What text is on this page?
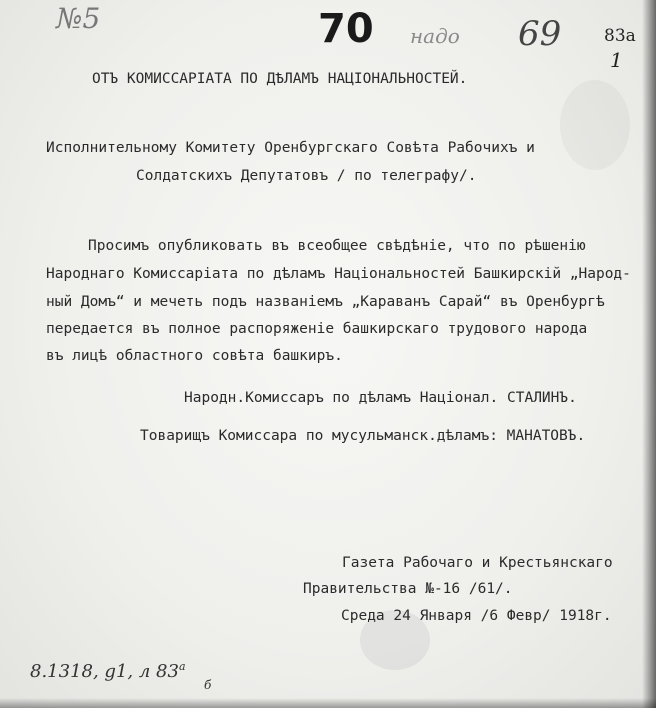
№5	70 надо 69	83а
1
ОТЪ КОМИССАРIАТА ПО ДѢЛАМЪ НАЦIОНАЛЬНОСТЕЙ.
Исполнительному Комитету Оренбургскаго Совѣта Рабочихъ и
Солдатскихъ Депутатовъ / по телеграфу/.
Просимъ опубликовать въ всеобщее свѣдѣнiе, что по рѣшенiю
Народнаго Комиссарiата по дѣламъ Нацiональностей Башкирскiй „Народ-
ный Домъ“ и мечеть подъ названiемъ „Караванъ Сарай“ въ Оренбургѣ
передается въ полное распоряженiе башкирскаго трудового народа
въ лицѣ областного совѣта башкиръ.
Народн.Комиссаръ по дѣламъ Нацiонал. СТАЛИНЪ.
Товарищъ Комиссара по мусульманск.дѣламъ: МАНАТОВЪ.
Газета Рабочаго и Крестьянскаго
Правительства №-16 /61/.
Среда 24 Января /6 Февр/ 1918г.
8.1318, g1, л $83^а$
б
